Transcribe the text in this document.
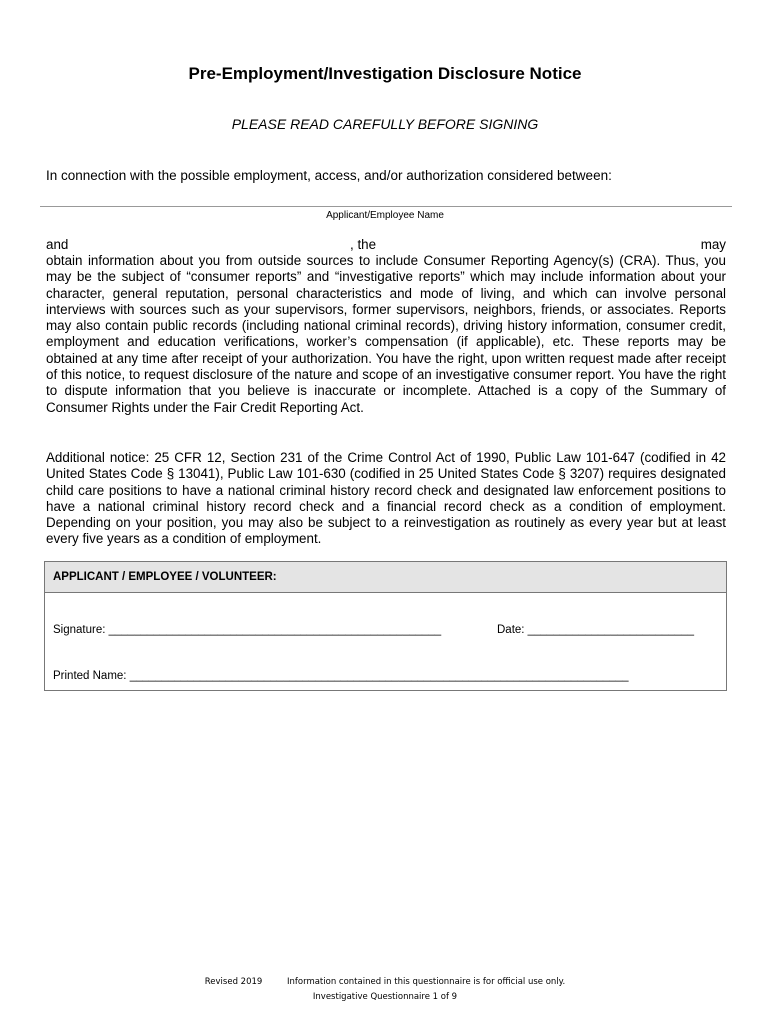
Pre-Employment/Investigation Disclosure Notice
PLEASE READ CAREFULLY BEFORE SIGNING
In connection with the possible employment, access, and/or authorization considered between:
Applicant/Employee Name
and	, the	may
obtain information about you from outside sources to include Consumer Reporting Agency(s) (CRA). Thus, you may be the subject of “consumer reports” and “investigative reports” which may include information about your character, general reputation, personal characteristics and mode of living, and which can involve personal interviews with sources such as your supervisors, former supervisors, neighbors, friends, or associates. Reports may also contain public records (including national criminal records), driving history information, consumer credit, employment and education verifications, worker’s compensation (if applicable), etc. These reports may be obtained at any time after receipt of your authorization. You have the right, upon written request made after receipt of this notice, to request disclosure of the nature and scope of an investigative consumer report. You have the right to dispute information that you believe is inaccurate or incomplete. Attached is a copy of the Summary of Consumer Rights under the Fair Credit Reporting Act.
Additional notice: 25 CFR 12, Section 231 of the Crime Control Act of 1990, Public Law 101-647 (codified in 42 United States Code § 13041), Public Law 101-630 (codified in 25 United States Code § 3207) requires designated child care positions to have a national criminal history record check and designated law enforcement positions to have a national criminal history record check and a financial record check as a condition of employment. Depending on your position, you may also be subject to a reinvestigation as routinely as every year but at least every five years as a condition of employment.
APPLICANT / EMPLOYEE / VOLUNTEER:
Signature: ____________________________________________________	Date: __________________________
Printed Name: ______________________________________________________________________________
Revised 2019	Information contained in this questionnaire is for official use only.
Investigative Questionnaire 1 of 9
